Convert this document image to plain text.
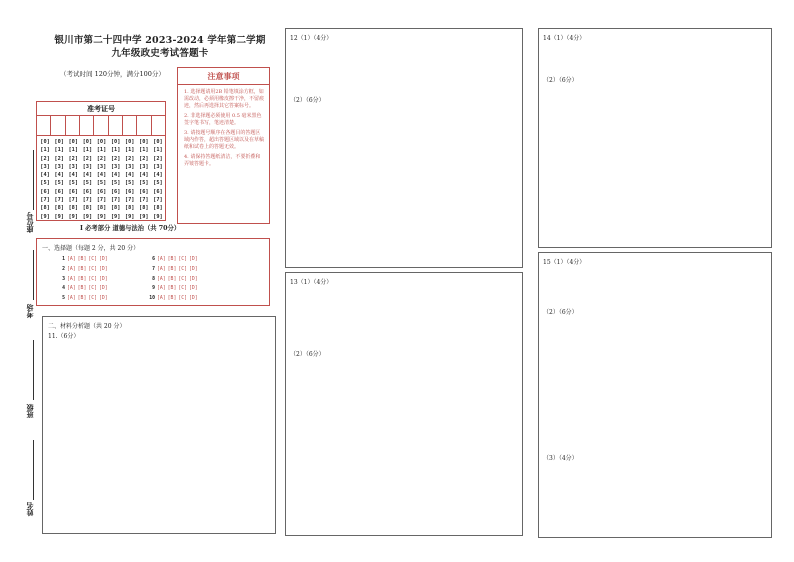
银川市第二十四中学 2023-2024 学年第二学期
九年级政史考试答题卡
（考试时间 120分钟，满分100分）	注意事项
1. 选择题请用2B 铅笔填涂方框，如需改动，必须用橡皮擦干净，不留痕迹，然后再选择其它答案标号。
2. 非选择题必须使用 0.5 毫米黑色签字笔书写，笔迹清楚。
3. 请按题号顺序在各题目的答题区域内作答，超出答题区域以及在草稿纸和试卷上的答题无效。
4. 请保持答题纸清洁，不要折叠和弄皱答题卡。
准考证号
[0]
[1]
[2]
[3]
[4]
[5]
[6]
[7]
[8]
[9]
[0]
[1]
[2]
[3]
[4]
[5]
[6]
[7]
[8]
[9]
[0]
[1]
[2]
[3]
[4]
[5]
[6]
[7]
[8]
[9]
[0]
[1]
[2]
[3]
[4]
[5]
[6]
[7]
[8]
[9]
[0]
[1]
[2]
[3]
[4]
[5]
[6]
[7]
[8]
[9]
[0]
[1]
[2]
[3]
[4]
[5]
[6]
[7]
[8]
[9]
[0]
[1]
[2]
[3]
[4]
[5]
[6]
[7]
[8]
[9]
[0]
[1]
[2]
[3]
[4]
[5]
[6]
[7]
[8]
[9]
[0]
[1]
[2]
[3]
[4]
[5]
[6]
[7]
[8]
[9]
I 必考部分 道德与法治（共 70分）
一、选择题（每题 2 分，共 20 分）
1 [A] [B] [C] [D]
2 [A] [B] [C] [D]
3 [A] [B] [C] [D]
4 [A] [B] [C] [D]
5 [A] [B] [C] [D]
6 [A] [B] [C] [D]
7 [A] [B] [C] [D]
8 [A] [B] [C] [D]
9 [A] [B] [C] [D]
10 [A] [B] [C] [D]
二、材料分析题（共 20 分）
11.（6分）
座位号
考场
班级
姓名
12（1）（4分）
（2）（6分）
13（1）（4分）
（2）（6分）
14（1）（4分）
（2）（6分）
15（1）（4分）
（2）（6分）
（3）（4分）
